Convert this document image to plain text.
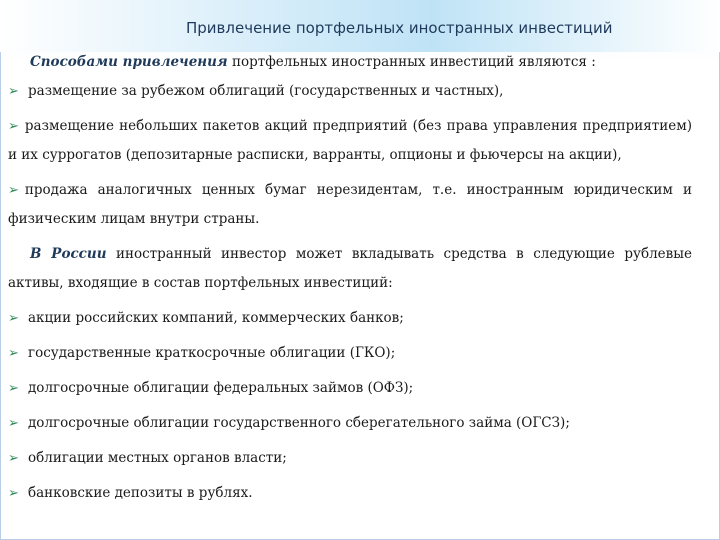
Привлечение портфельных иностранных инвестиций

Способами привлечения портфельных иностранных инвестиций являются :

➢ размещение за рубежом облигаций (государственных и частных),

➢ размещение небольших пакетов акций предприятий (без права управления предприятием) и их суррогатов (депозитарные расписки, варранты, опционы и фьючерсы на акции),

➢ продажа аналогичных ценных бумаг нерезидентам, т.е. иностранным юридическим и физическим лицам внутри страны.

В России иностранный инвестор может вкладывать средства в следующие рублевые активы, входящие в состав портфельных инвестиций:

➢ акции российских компаний, коммерческих банков;
➢ государственные краткосрочные облигации (ГКО);
➢ долгосрочные облигации федеральных займов (ОФЗ);
➢ долгосрочные облигации государственного сберегательного займа (ОГСЗ);
➢ облигации местных органов власти;
➢ банковские депозиты в рублях.
